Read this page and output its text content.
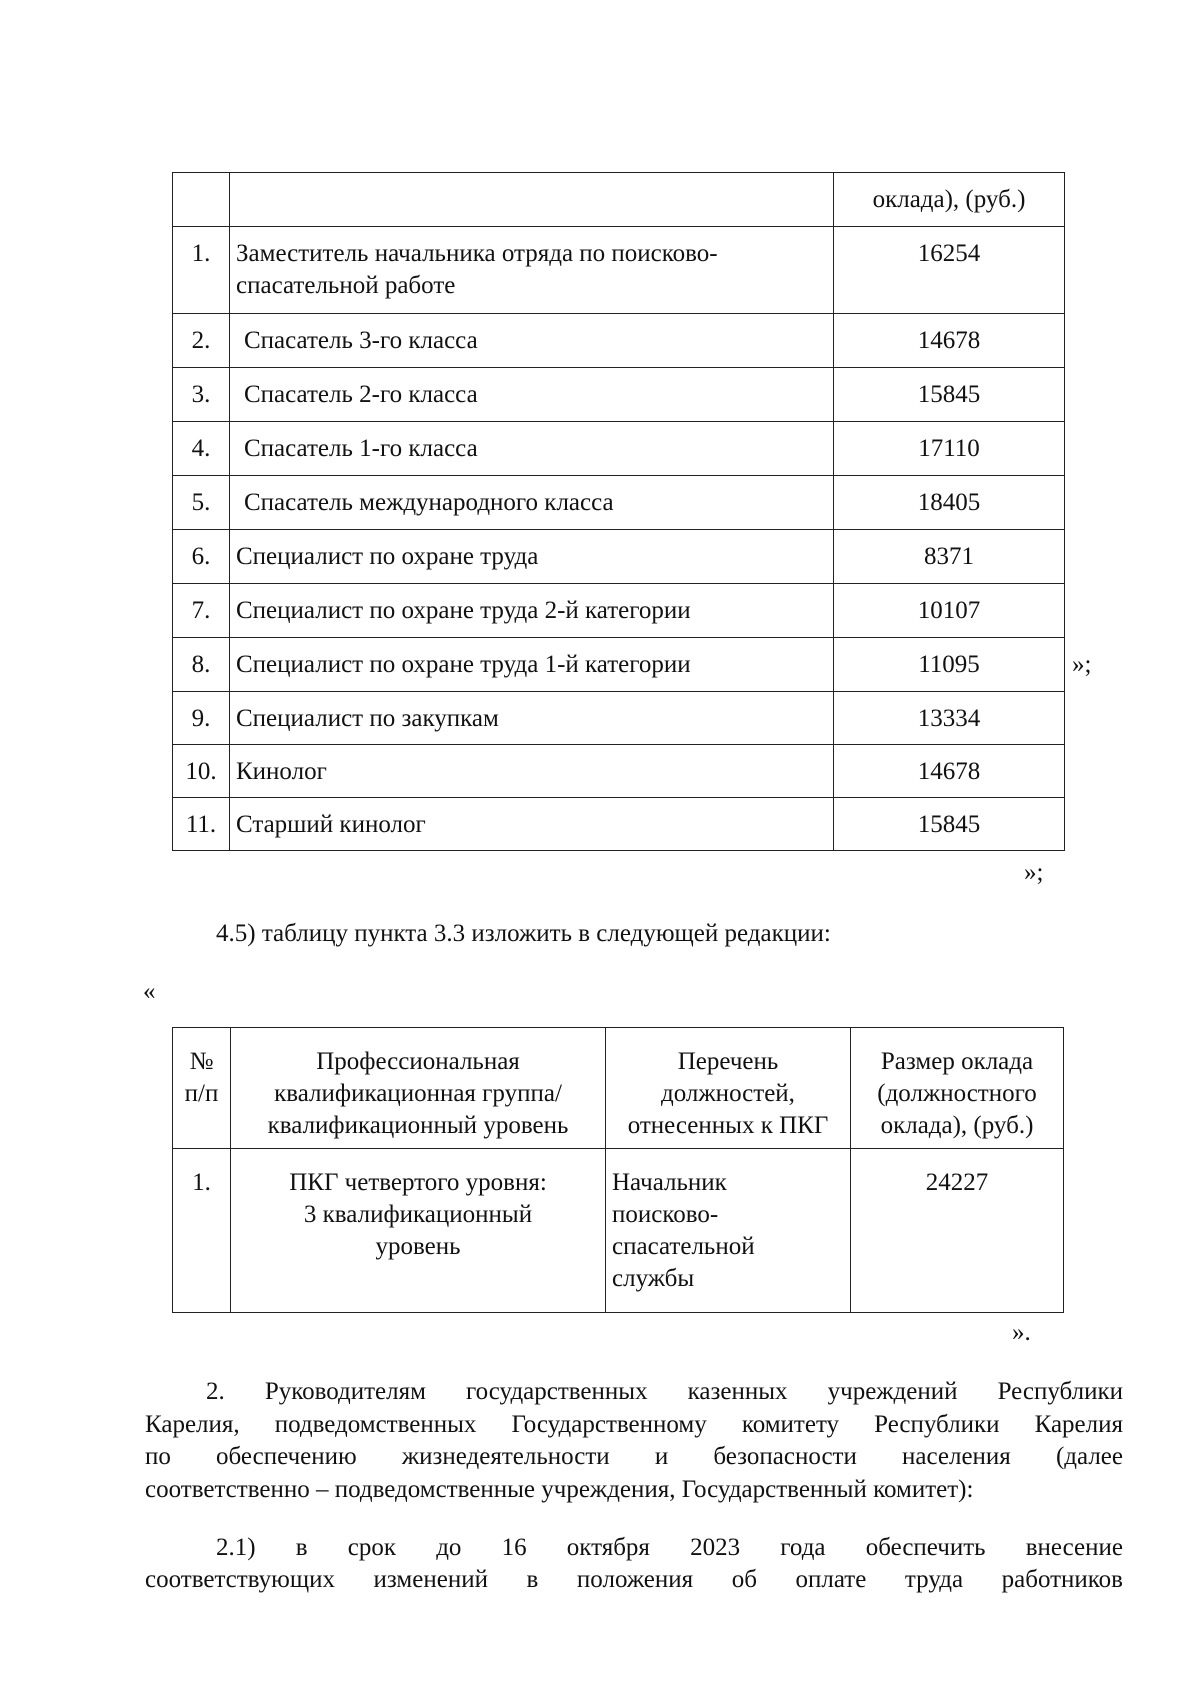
		оклада), (руб.)

1.	Заместитель начальника отряда по поисково-
спасательной работе	16254

2.	Спасатель 3-го класса	14678

3.	Спасатель 2-го класса	15845

4.	Спасатель 1-го класса	17110

5.	Спасатель международного класса	18405

6.	Специалист по охране труда	8371

7.	Специалист по охране труда 2-й категории	10107

8.	Специалист по охране труда 1-й категории	11095

9.	Специалист по закупкам	13334

10.	Кинолог	14678

11.	Старший кинолог	15845
»;
»;
4.5) таблицу пункта 3.3 изложить в следующей редакции:
«
№
п/п	Профессиональная
квалификационная группа/
квалификационный уровень	Перечень
должностей,
отнесенных к ПКГ	Размер оклада
(должностного
оклада), (руб.)

1.	ПКГ четвертого уровня:
3 квалификационный
уровень	Начальник
поисково-
спасательной
службы	24227
».
2. Руководителям государственных казенных учреждений Республики
Карелия, подведомственных Государственному комитету Республики Карелия
по обеспечению жизнедеятельности и безопасности населения (далее
соответственно – подведомственные учреждения, Государственный комитет):
2.1) в срок до 16 октября 2023 года обеспечить внесение
соответствующих изменений в положения об оплате труда работников
